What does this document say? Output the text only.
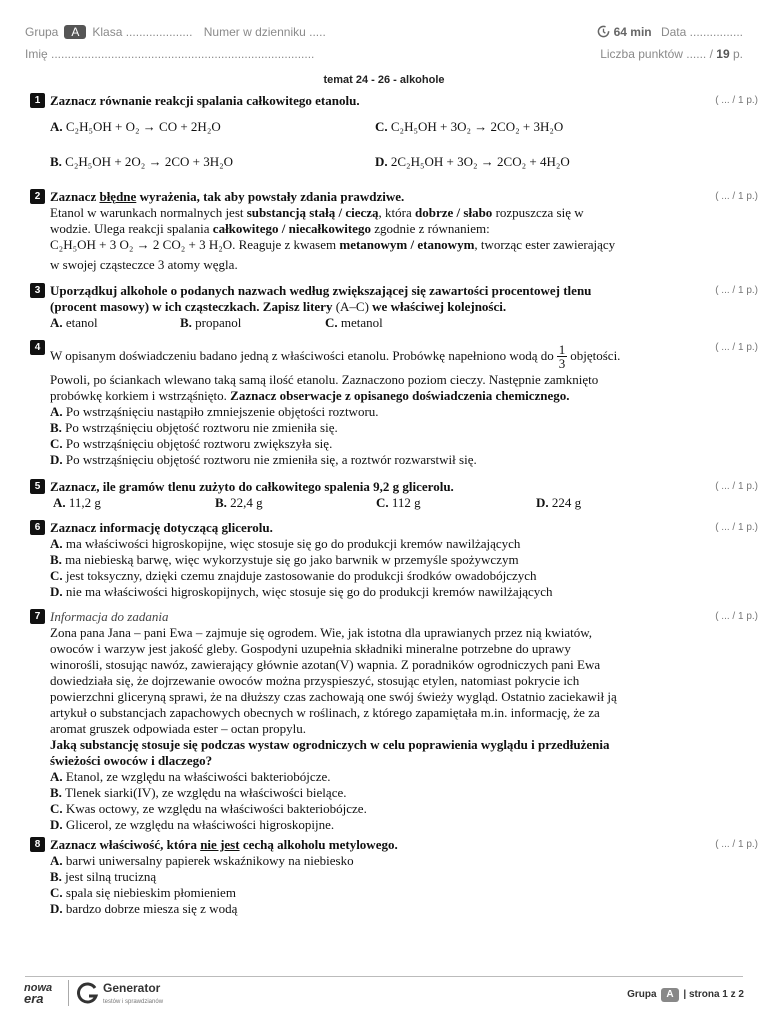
Grupa A Klasa .................... Numer w dzienniku .....	64 min Data ................
Imię ...............................................................................	Liczba punktów ...... / 19 p.
temat 24 - 26 - alkohole
1	( ... / 1 p.)
Zaznacz równanie reakcji spalania całkowitego etanolu.
A. C₂H₅OH + O₂ → CO + 2H₂O	C. C₂H₅OH + 3O₂ → 2CO₂ + 3H₂O
B. C₂H₅OH + 2O₂ → 2CO + 3H₂O	D. 2C₂H₅OH + 3O₂ → 2CO₂ + 4H₂O
2	( ... / 1 p.)
Zaznacz błędne wyrażenia, tak aby powstały zdania prawdziwe.
Etanol w warunkach normalnych jest substancją stałą / cieczą, która dobrze / słabo rozpuszcza się w
wodzie. Ulega reakcji spalania całkowitego / niecałkowitego zgodnie z równaniem:
C₂H₅OH + 3 O₂ → 2 CO₂ + 3 H₂O. Reaguje z kwasem metanowym / etanowym, tworząc ester zawierający
w swojej cząsteczce 3 atomy węgla.
3	( ... / 1 p.)
Uporządkuj alkohole o podanych nazwach według zwiększającej się zawartości procentowej tlenu
(procent masowy) w ich cząsteczkach. Zapisz litery (A–C) we właściwej kolejności.
A. etanol	B. propanol	C. metanol
4	( ... / 1 p.)
W opisanym doświadczeniu badano jedną z właściwości etanolu. Probówkę napełniono wodą do $\frac{1}{3}$ objętości.
Powoli, po ściankach wlewano taką samą ilość etanolu. Zaznaczono poziom cieczy. Następnie zamknięto
probówkę korkiem i wstrząśnięto. Zaznacz obserwacje z opisanego doświadczenia chemicznego.
A. Po wstrząśnięciu nastąpiło zmniejszenie objętości roztworu.
B. Po wstrząśnięciu objętość roztworu nie zmieniła się.
C. Po wstrząśnięciu objętość roztworu zwiększyła się.
D. Po wstrząśnięciu objętość roztworu nie zmieniła się, a roztwór rozwarstwił się.
5	( ... / 1 p.)
Zaznacz, ile gramów tlenu zużyto do całkowitego spalenia 9,2 g glicerolu.
A. 11,2 g	B. 22,4 g	C. 112 g	D. 224 g
6	( ... / 1 p.)
Zaznacz informację dotyczącą glicerolu.
A. ma właściwości higroskopijne, więc stosuje się go do produkcji kremów nawilżających
B. ma niebieską barwę, więc wykorzystuje się go jako barwnik w przemyśle spożywczym
C. jest toksyczny, dzięki czemu znajduje zastosowanie do produkcji środków owadobójczych
D. nie ma właściwości higroskopijnych, więc stosuje się go do produkcji kremów nawilżających
7	( ... / 1 p.)
Informacja do zadania
Zona pana Jana – pani Ewa – zajmuje się ogrodem. Wie, jak istotna dla uprawianych przez nią kwiatów,
owoców i warzyw jest jakość gleby. Gospodyni uzupełnia składniki mineralne potrzebne do uprawy
winorośli, stosując nawóz, zawierający głównie azotan(V) wapnia. Z poradników ogrodniczych pani Ewa
dowiedziała się, że dojrzewanie owoców można przyspieszyć, stosując etylen, natomiast pokrycie ich
powierzchni gliceryną sprawi, że na dłuższy czas zachowają one swój świeży wygląd. Ostatnio zaciekawił ją
artykuł o substancjach zapachowych obecnych w roślinach, z którego zapamiętała m.in. informację, że za
aromat gruszek odpowiada ester – octan propylu.
Jaką substancję stosuje się podczas wystaw ogrodniczych w celu poprawienia wyglądu i przedłużenia
świeżości owoców i dlaczego?
A. Etanol, ze względu na właściwości bakteriobójcze.
B. Tlenek siarki(IV), ze względu na właściwości bielące.
C. Kwas octowy, ze względu na właściwości bakteriobójcze.
D. Glicerol, ze względu na właściwości higroskopijne.
8	( ... / 1 p.)
Zaznacz właściwość, która nie jest cechą alkoholu metylowego.
A. barwi uniwersalny papierek wskaźnikowy na niebiesko
B. jest silną trucizną
C. spala się niebieskim płomieniem
D. bardzo dobrze miesza się z wodą
nowa
era
Generator
testów i sprawdzianów
Grupa A | strona 1 z 2
